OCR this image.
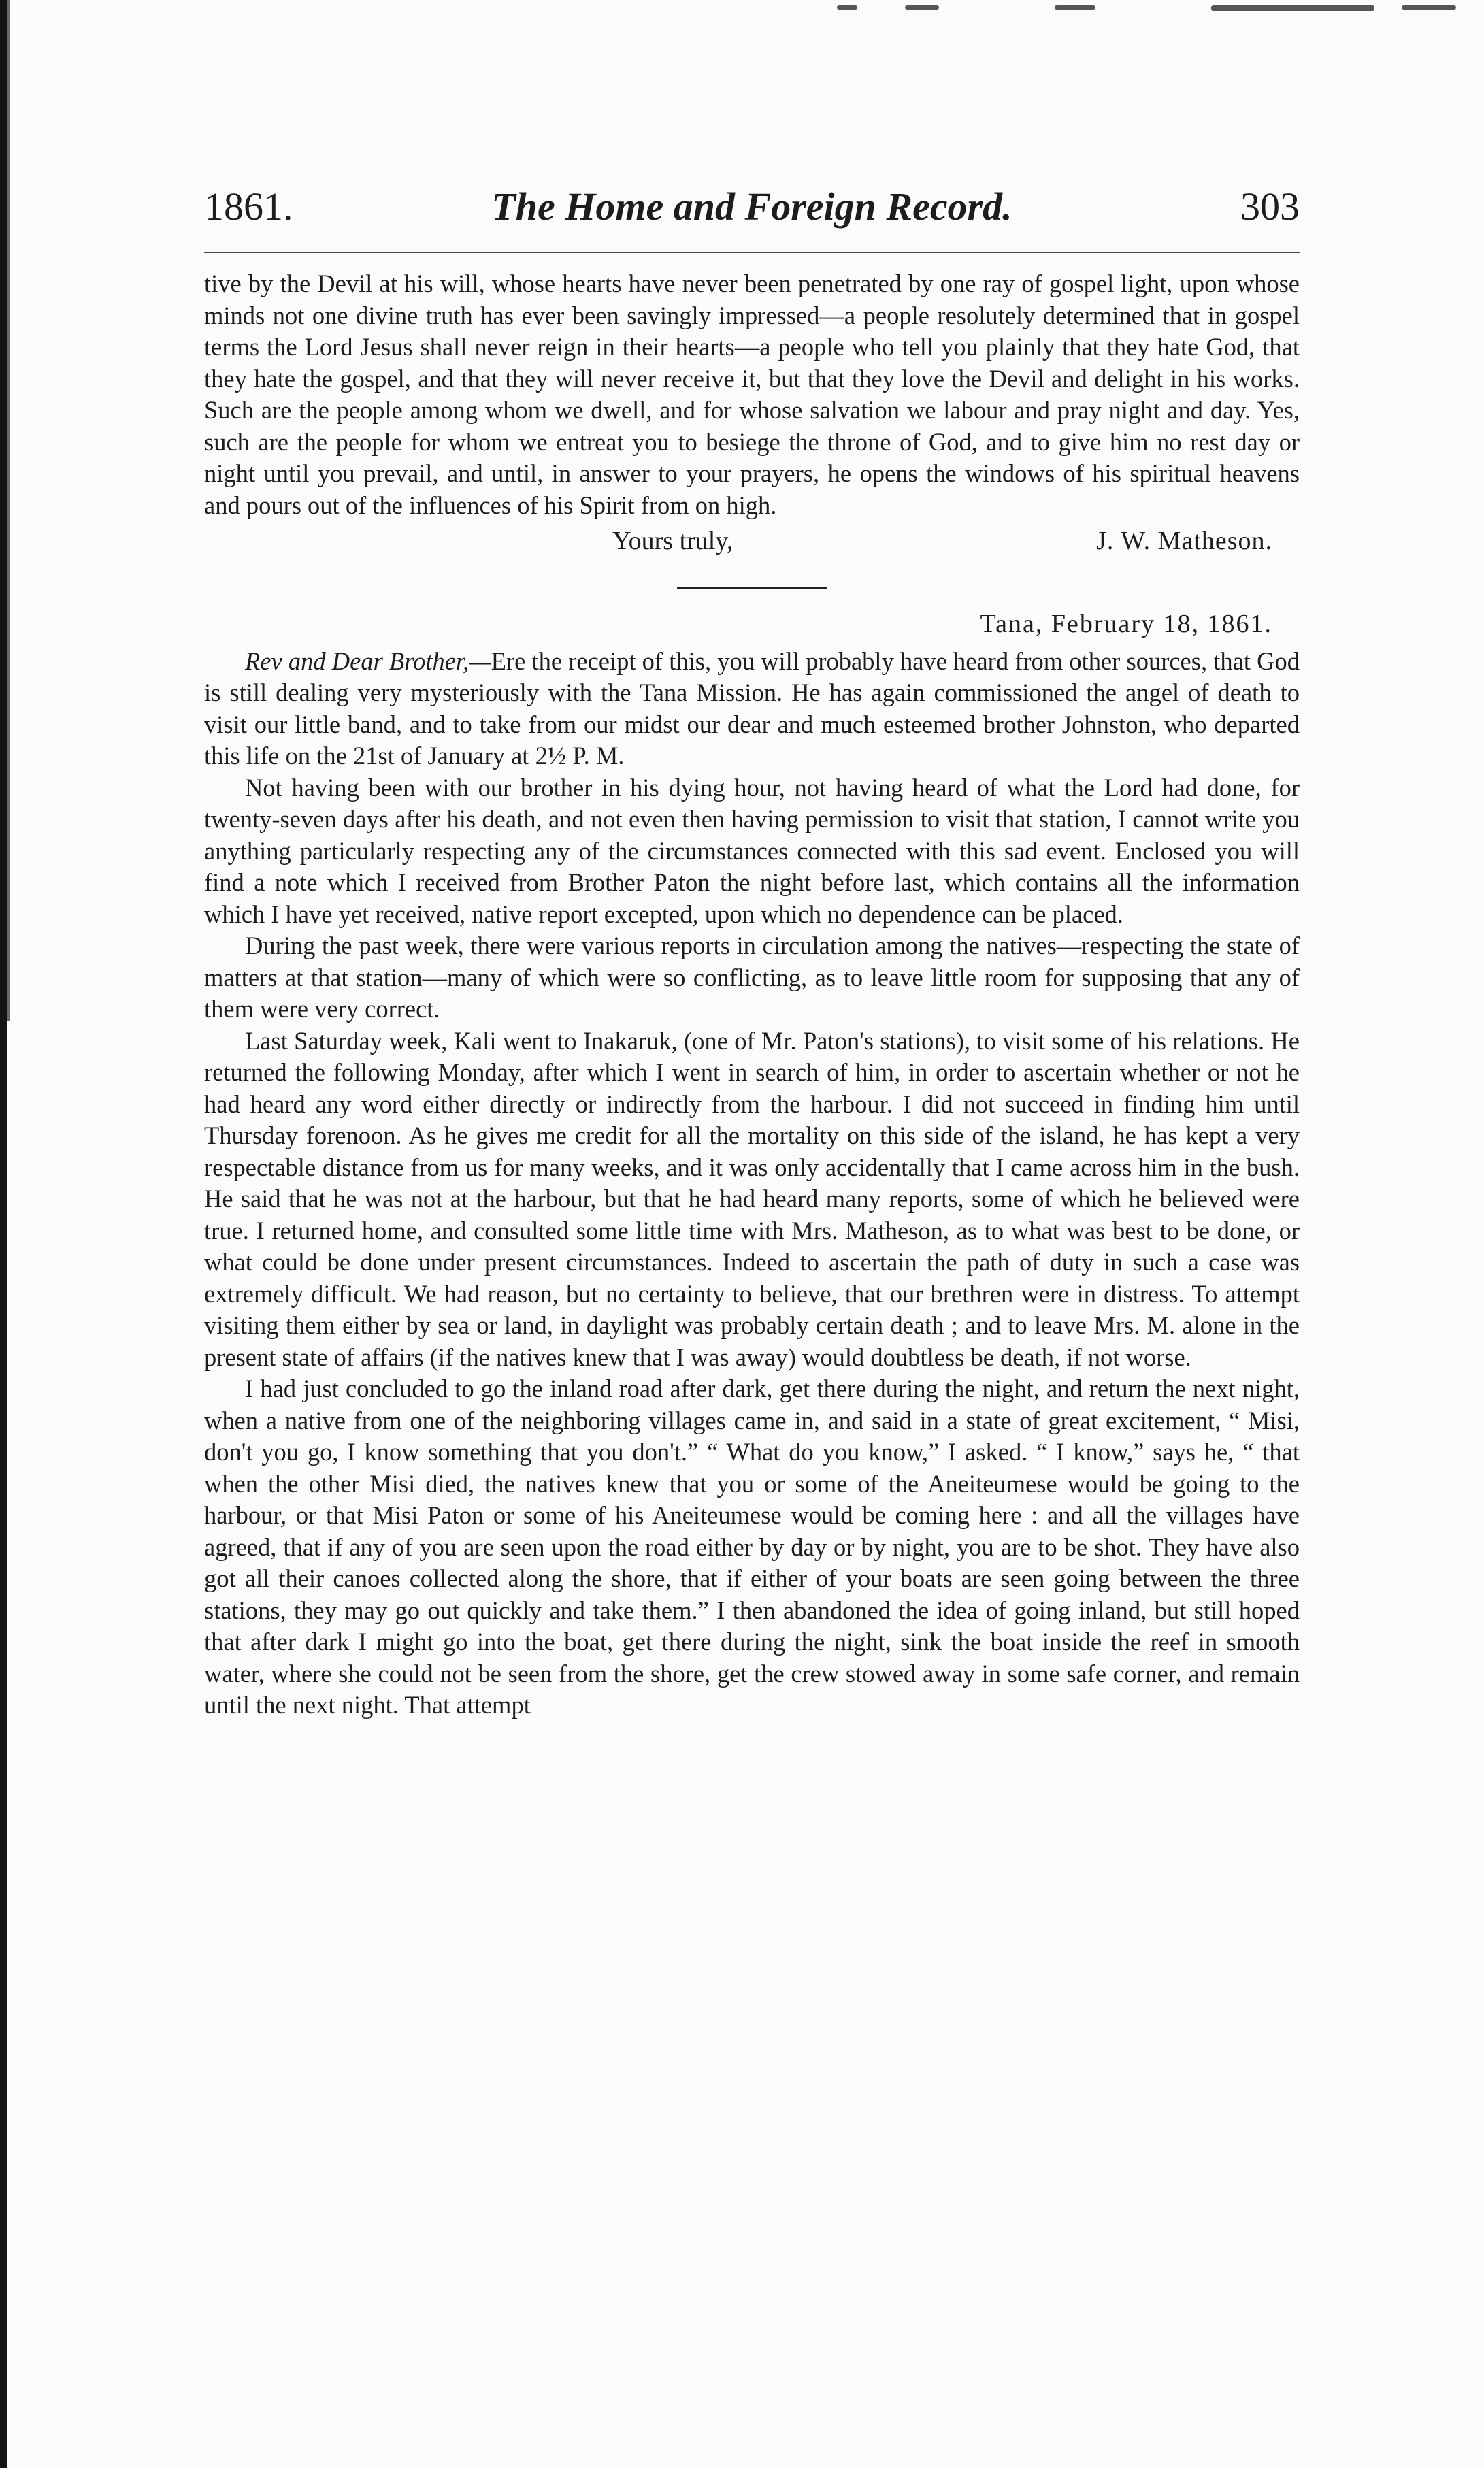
1861.	The Home and Foreign Record.	303

tive by the Devil at his will, whose hearts have never been penetrated by one ray of gospel light, upon whose minds not one divine truth has ever been savingly impressed—a people resolutely determined that in gospel terms the Lord Jesus shall never reign in their hearts—a people who tell you plainly that they hate God, that they hate the gospel, and that they will never receive it, but that they love the Devil and delight in his works. Such are the people among whom we dwell, and for whose salvation we labour and pray night and day. Yes, such are the people for whom we entreat you to besiege the throne of God, and to give him no rest day or night until you prevail, and until, in answer to your prayers, he opens the windows of his spiritual heavens and pours out of the influences of his Spirit from on high.

Yours truly,	J. W. Matheson.
Tana, February 18, 1861.

Rev and Dear Brother,—Ere the receipt of this, you will probably have heard from other sources, that God is still dealing very mysteriously with the Tana Mission. He has again commissioned the angel of death to visit our little band, and to take from our midst our dear and much esteemed brother Johnston, who departed this life on the 21st of January at 2½ P. M.

Not having been with our brother in his dying hour, not having heard of what the Lord had done, for twenty-seven days after his death, and not even then having permission to visit that station, I cannot write you anything particularly respecting any of the circumstances connected with this sad event. Enclosed you will find a note which I received from Brother Paton the night before last, which contains all the information which I have yet received, native report excepted, upon which no dependence can be placed.

During the past week, there were various reports in circulation among the natives—respecting the state of matters at that station—many of which were so conflicting, as to leave little room for supposing that any of them were very correct.

Last Saturday week, Kali went to Inakaruk, (one of Mr. Paton's stations), to visit some of his relations. He returned the following Monday, after which I went in search of him, in order to ascertain whether or not he had heard any word either directly or indirectly from the harbour. I did not succeed in finding him until Thursday forenoon. As he gives me credit for all the mortality on this side of the island, he has kept a very respectable distance from us for many weeks, and it was only accidentally that I came across him in the bush. He said that he was not at the harbour, but that he had heard many reports, some of which he believed were true. I returned home, and consulted some little time with Mrs. Matheson, as to what was best to be done, or what could be done under present circumstances. Indeed to ascertain the path of duty in such a case was extremely difficult. We had reason, but no certainty to believe, that our brethren were in distress. To attempt visiting them either by sea or land, in daylight was probably certain death ; and to leave Mrs. M. alone in the present state of affairs (if the natives knew that I was away) would doubtless be death, if not worse.

I had just concluded to go the inland road after dark, get there during the night, and return the next night, when a native from one of the neighboring villages came in, and said in a state of great excitement, “ Misi, don't you go, I know something that you don't.” “ What do you know,” I asked. “ I know,” says he, “ that when the other Misi died, the natives knew that you or some of the Aneiteumese would be going to the harbour, or that Misi Paton or some of his Aneiteumese would be coming here : and all the villages have agreed, that if any of you are seen upon the road either by day or by night, you are to be shot. They have also got all their canoes collected along the shore, that if either of your boats are seen going between the three stations, they may go out quickly and take them.” I then abandoned the idea of going inland, but still hoped that after dark I might go into the boat, get there during the night, sink the boat inside the reef in smooth water, where she could not be seen from the shore, get the crew stowed away in some safe corner, and remain until the next night. That attempt
